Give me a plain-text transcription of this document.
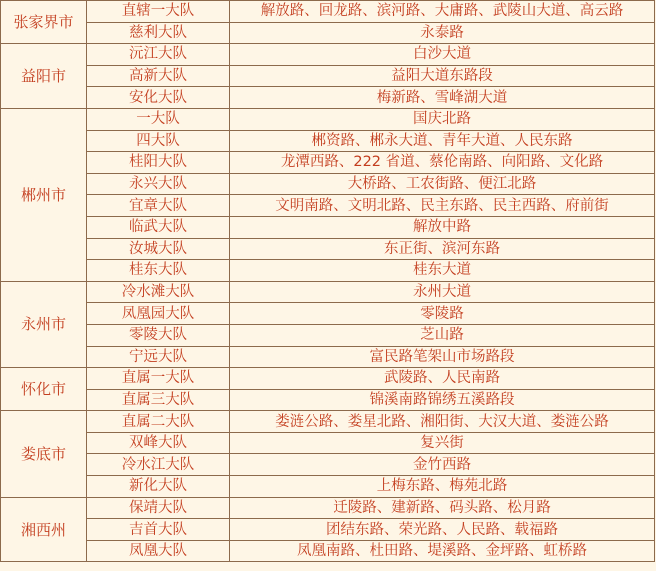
张家界市	直辖一大队	解放路、回龙路、滨河路、大庸路、武陵山大道、高云路
	慈利大队	永泰路
益阳市	沅江大队	白沙大道
	高新大队	益阳大道东路段
	安化大队	梅新路、雪峰湖大道
郴州市	一大队	国庆北路
	四大队	郴资路、郴永大道、青年大道、人民东路
	桂阳大队	龙潭西路、222 省道、蔡伦南路、向阳路、文化路
	永兴大队	大桥路、工农街路、便江北路
	宜章大队	文明南路、文明北路、民主东路、民主西路、府前街
	临武大队	解放中路
	汝城大队	东正街、滨河东路
	桂东大队	桂东大道
永州市	冷水滩大队	永州大道
	凤凰园大队	零陵路
	零陵大队	芝山路
	宁远大队	富民路笔架山市场路段
怀化市	直属一大队	武陵路、人民南路
	直属三大队	锦溪南路锦绣五溪路段
娄底市	直属二大队	娄涟公路、娄星北路、湘阳街、大汉大道、娄涟公路
	双峰大队	复兴街
	冷水江大队	金竹西路
	新化大队	上梅东路、梅苑北路
湘西州	保靖大队	迁陵路、建新路、码头路、松月路
	吉首大队	团结东路、荣光路、人民路、载福路
	凤凰大队	凤凰南路、杜田路、堤溪路、金坪路、虹桥路
